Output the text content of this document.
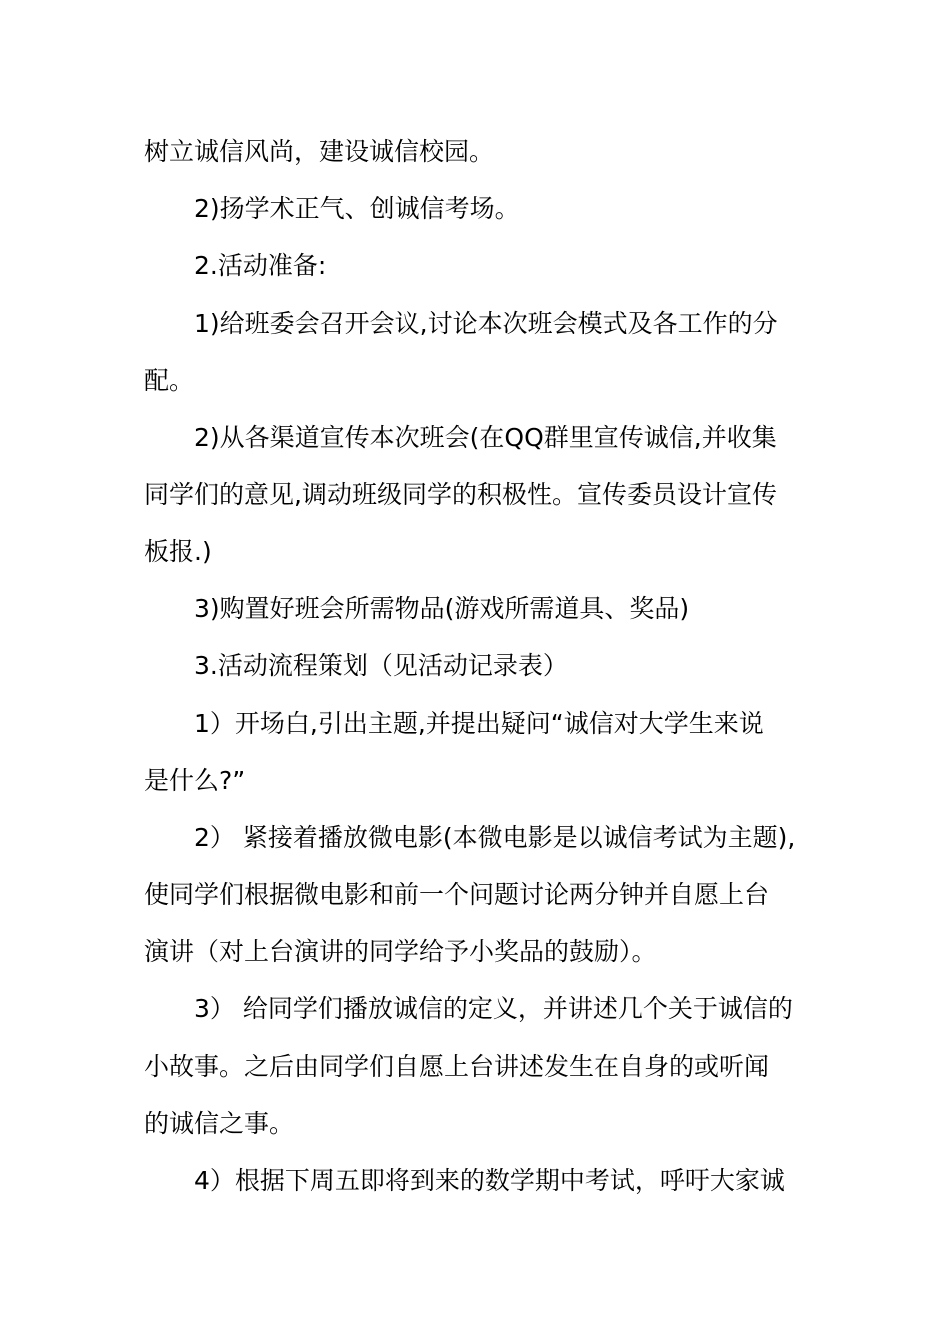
树立诚信风尚，建设诚信校园。
2)扬学术正气、创诚信考场。
2.活动准备:
1)给班委会召开会议,讨论本次班会模式及各工作的分
配。
2)从各渠道宣传本次班会(在QQ群里宣传诚信,并收集
同学们的意见,调动班级同学的积极性。宣传委员设计宣传
板报.)
3)购置好班会所需物品(游戏所需道具、奖品)
3.活动流程策划（见活动记录表）
1）开场白,引出主题,并提出疑问“诚信对大学生来说
是什么?”
2） 紧接着播放微电影(本微电影是以诚信考试为主题),
使同学们根据微电影和前一个问题讨论两分钟并自愿上台
演讲（对上台演讲的同学给予小奖品的鼓励）。
3） 给同学们播放诚信的定义，并讲述几个关于诚信的
小故事。之后由同学们自愿上台讲述发生在自身的或听闻
的诚信之事。
4）根据下周五即将到来的数学期中考试，呼吁大家诚
